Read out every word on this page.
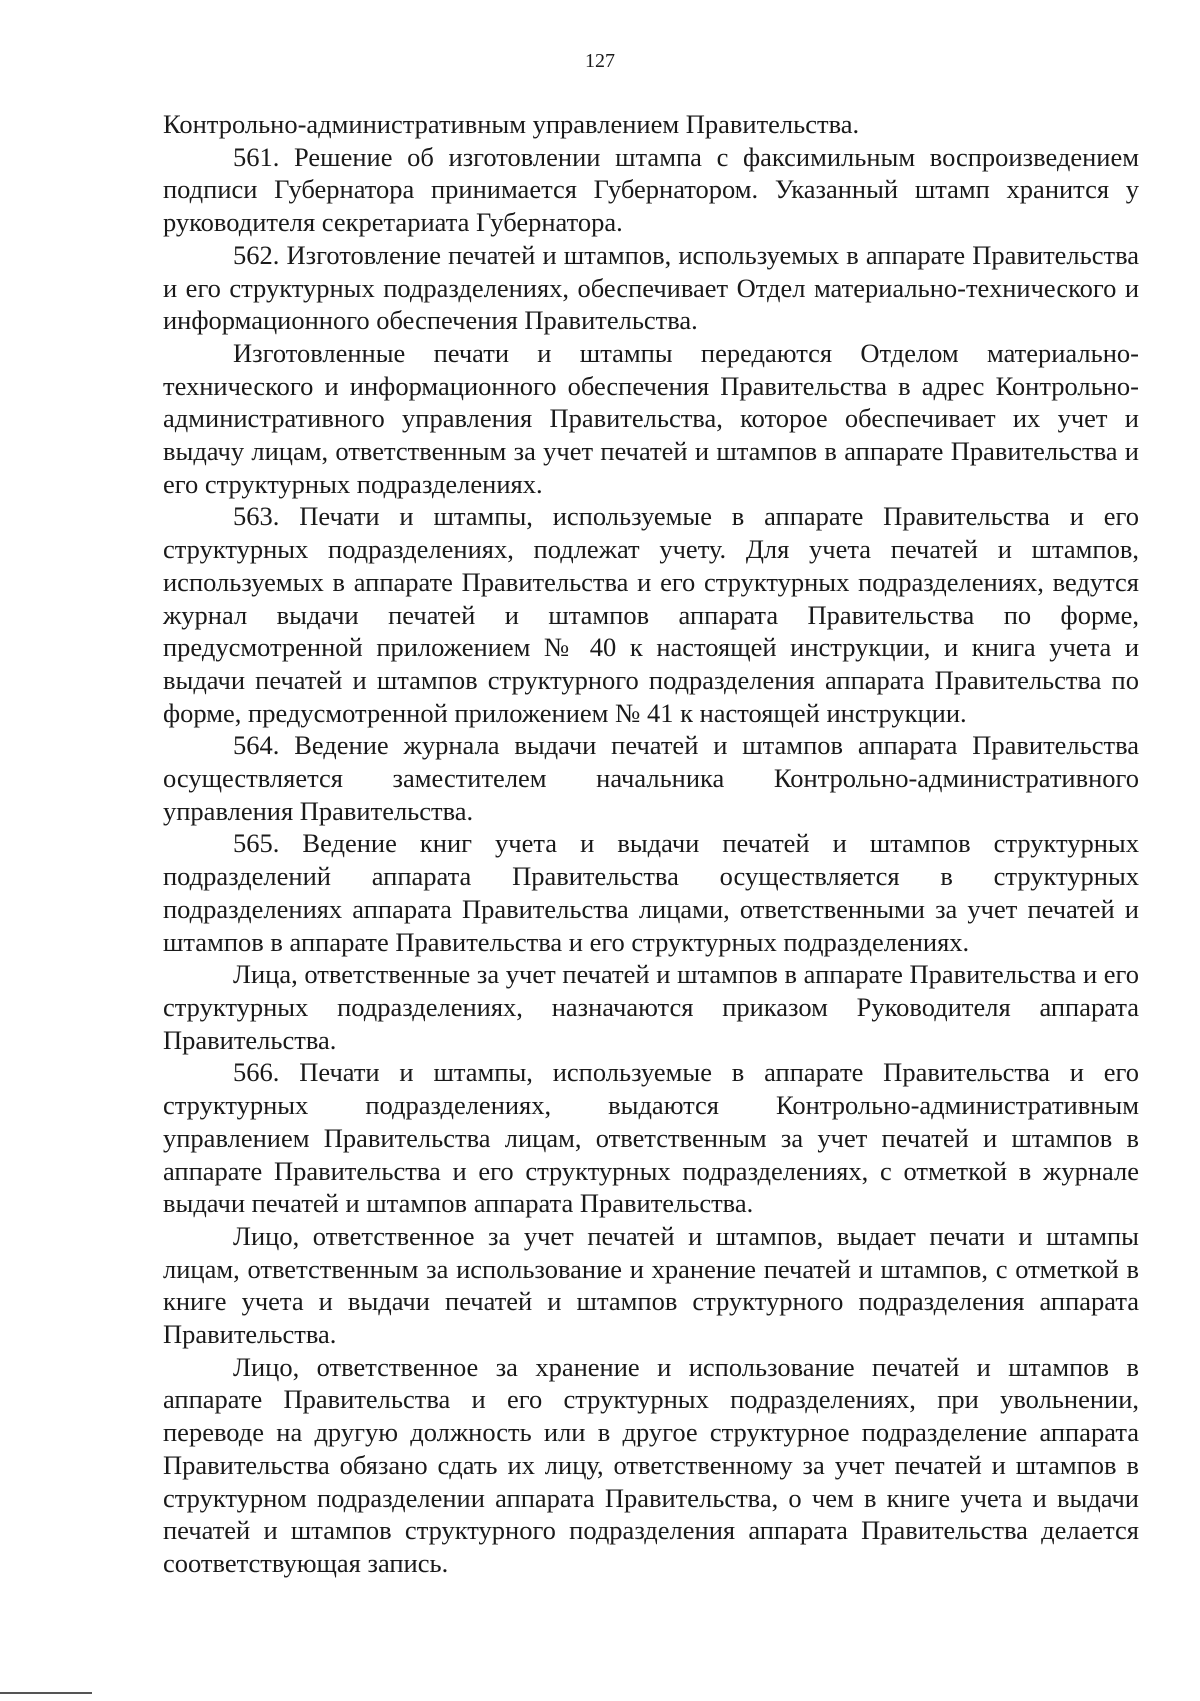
127

Контрольно-административным управлением Правительства.

561. Решение об изготовлении штампа с факсимильным воспроизведением подписи Губернатора принимается Губернатором. Указанный штамп хранится у руководителя секретариата Губернатора.

562. Изготовление печатей и штампов, используемых в аппарате Правительства и его структурных подразделениях, обеспечивает Отдел материально-технического и информационного обеспечения Правительства.

Изготовленные печати и штампы передаются Отделом материально-технического и информационного обеспечения Правительства в адрес Контрольно-административного управления Правительства, которое обеспечивает их учет и выдачу лицам, ответственным за учет печатей и штампов в аппарате Правительства и его структурных подразделениях.

563. Печати и штампы, используемые в аппарате Правительства и его структурных подразделениях, подлежат учету. Для учета печатей и штампов, используемых в аппарате Правительства и его структурных подразделениях, ведутся журнал выдачи печатей и штампов аппарата Правительства по форме, предусмотренной приложением № 40 к настоящей инструкции, и книга учета и выдачи печатей и штампов структурного подразделения аппарата Правительства по форме, предусмотренной приложением № 41 к настоящей инструкции.

564. Ведение журнала выдачи печатей и штампов аппарата Правительства осуществляется заместителем начальника Контрольно-административного управления Правительства.

565. Ведение книг учета и выдачи печатей и штампов структурных подразделений аппарата Правительства осуществляется в структурных подразделениях аппарата Правительства лицами, ответственными за учет печатей и штампов в аппарате Правительства и его структурных подразделениях.

Лица, ответственные за учет печатей и штампов в аппарате Правительства и его структурных подразделениях, назначаются приказом Руководителя аппарата Правительства.

566. Печати и штампы, используемые в аппарате Правительства и его структурных подразделениях, выдаются Контрольно-административным управлением Правительства лицам, ответственным за учет печатей и штампов в аппарате Правительства и его структурных подразделениях, с отметкой в журнале выдачи печатей и штампов аппарата Правительства.

Лицо, ответственное за учет печатей и штампов, выдает печати и штампы лицам, ответственным за использование и хранение печатей и штампов, с отметкой в книге учета и выдачи печатей и штампов структурного подразделения аппарата Правительства.

Лицо, ответственное за хранение и использование печатей и штампов в аппарате Правительства и его структурных подразделениях, при увольнении, переводе на другую должность или в другое структурное подразделение аппарата Правительства обязано сдать их лицу, ответственному за учет печатей и штампов в структурном подразделении аппарата Правительства, о чем в книге учета и выдачи печатей и штампов структурного подразделения аппарата Правительства делается соответствующая запись.
